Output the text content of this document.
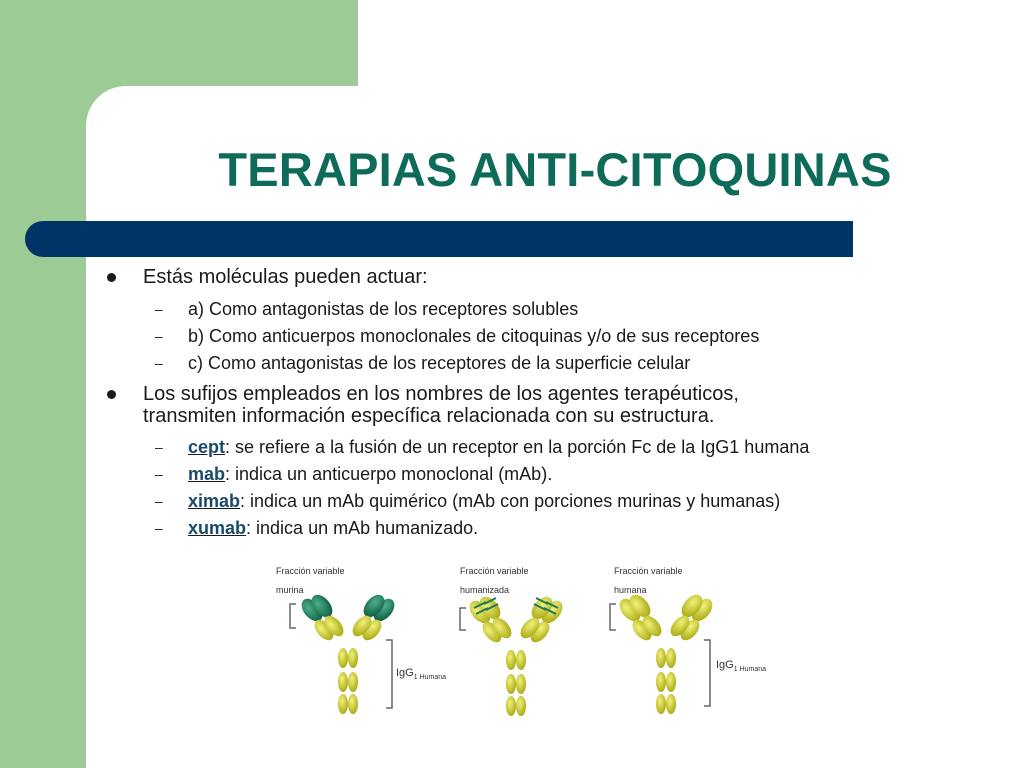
TERAPIAS ANTI-CITOQUINAS
Estás moléculas pueden actuar:
– a) Como antagonistas de los receptores solubles
– b) Como anticuerpos monoclonales de citoquinas y/o de sus receptores
– c) Como antagonistas de los receptores de la superficie celular
Los sufijos empleados en los nombres de los agentes terapéuticos,
transmiten información específica relacionada con su estructura.
– cept: se refiere a la fusión de un receptor en la porción Fc de la IgG1 humana
– mab: indica un anticuerpo monoclonal (mAb).
– ximab: indica un mAb quimérico (mAb con porciones murinas y humanas)
– xumab: indica un mAb humanizado.
Fracción variable
murina
IgG$_{1 Humana}$
Fracción variable
humanizada
Fracción variable
humana
IgG$_{1 Humana}$
